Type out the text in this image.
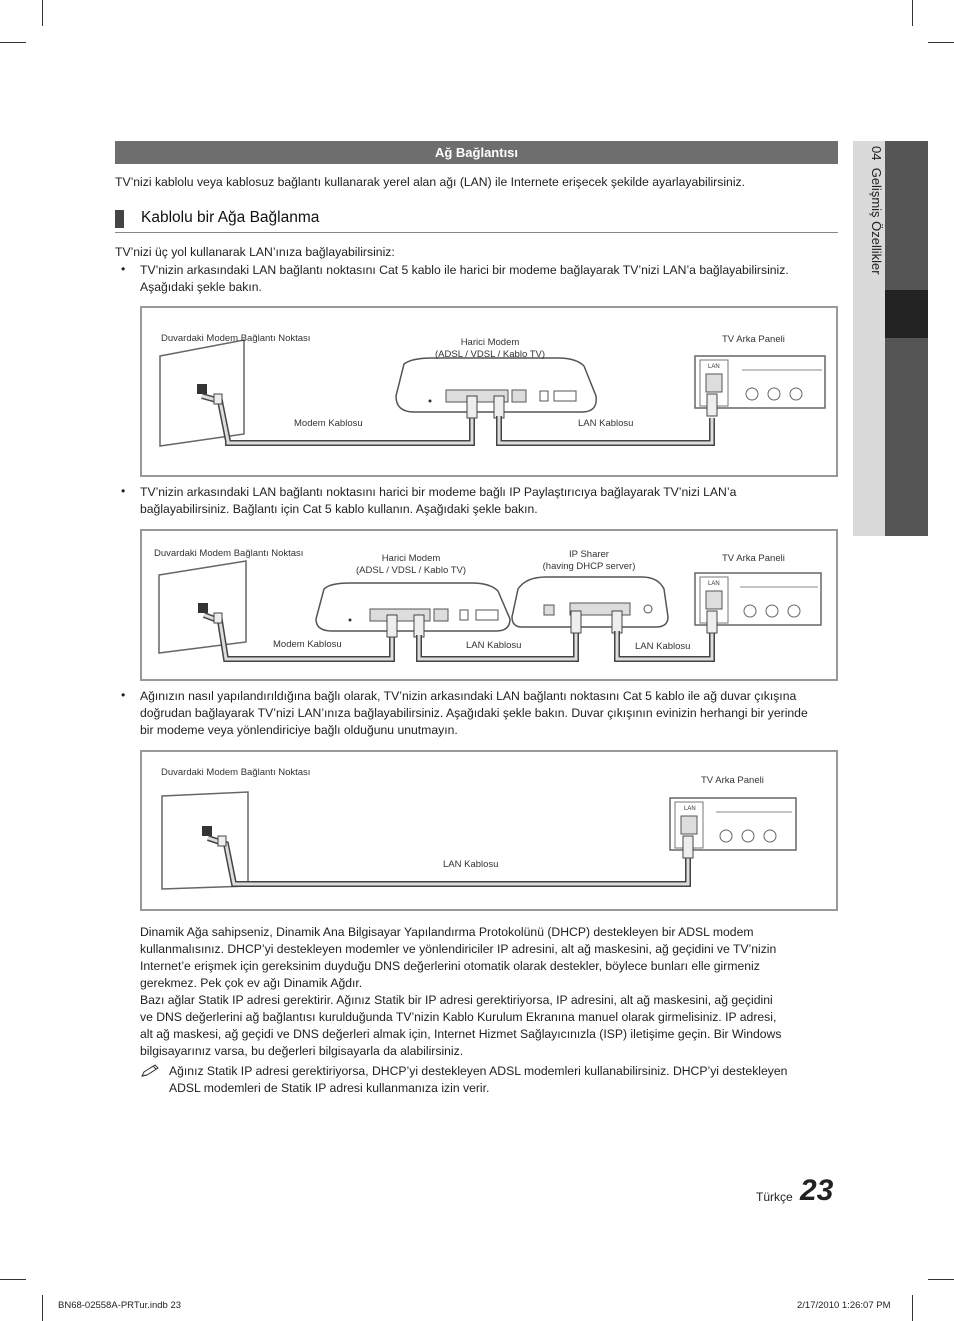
04  Gelişmiş Özellikler
Ağ Bağlantısı
TV’nizi kablolu veya kablosuz bağlantı kullanarak yerel alan ağı (LAN) ile Internete erişecek şekilde ayarlayabilirsiniz.
Kablolu bir Ağa Bağlanma
TV’nizi üç yol kullanarak LAN’ınıza bağlayabilirsiniz:
• TV’nizin arkasındaki LAN bağlantı noktasını Cat 5 kablo ile harici bir modeme bağlayarak TV’nizi LAN’a bağlayabilirsiniz.
Aşağıdaki şekle bakın.
Duvardaki Modem Bağlantı Noktası	Harici Modem
(ADSL / VDSL / Kablo TV)
TV Arka Paneli
LAN
Modem Kablosu	LAN Kablosu
• TV’nizin arkasındaki LAN bağlantı noktasını harici bir modeme bağlı IP Paylaştırıcıya bağlayarak TV’nizi LAN’a
bağlayabilirsiniz. Bağlantı için Cat 5 kablo kullanın. Aşağıdaki şekle bakın.
Duvardaki Modem Bağlantı Noktası	Harici Modem
(ADSL / VDSL / Kablo TV)
IP Sharer
(having DHCP server)
TV Arka Paneli
LAN
Modem Kablosu	LAN Kablosu	LAN Kablosu
• Ağınızın nasıl yapılandırıldığına bağlı olarak, TV’nizin arkasındaki LAN bağlantı noktasını Cat 5 kablo ile ağ duvar çıkışına
doğrudan bağlayarak TV’nizi LAN’ınıza bağlayabilirsiniz. Aşağıdaki şekle bakın. Duvar çıkışının evinizin herhangi bir yerinde
bir modeme veya yönlendiriciye bağlı olduğunu unutmayın.
Duvardaki Modem Bağlantı Noktası
TV Arka Paneli
LAN
LAN Kablosu
Dinamik Ağa sahipseniz, Dinamik Ana Bilgisayar Yapılandırma Protokolünü (DHCP) destekleyen bir ADSL modem
kullanmalısınız. DHCP’yi destekleyen modemler ve yönlendiriciler IP adresini, alt ağ maskesini, ağ geçidini ve TV’nizin
Internet’e erişmek için gereksinim duyduğu DNS değerlerini otomatik olarak destekler, böylece bunları elle girmeniz
gerekmez. Pek çok ev ağı Dinamik Ağdır.
Bazı ağlar Statik IP adresi gerektirir. Ağınız Statik bir IP adresi gerektiriyorsa, IP adresini, alt ağ maskesini, ağ geçidini
ve DNS değerlerini ağ bağlantısı kurulduğunda TV’nizin Kablo Kurulum Ekranına manuel olarak girmelisiniz. IP adresi,
alt ağ maskesi, ağ geçidi ve DNS değerleri almak için, Internet Hizmet Sağlayıcınızla (ISP) iletişime geçin. Bir Windows
bilgisayarınız varsa, bu değerleri bilgisayarla da alabilirsiniz.
Ağınız Statik IP adresi gerektiriyorsa, DHCP’yi destekleyen ADSL modemleri kullanabilirsiniz. DHCP’yi destekleyen
ADSL modemleri de Statik IP adresi kullanmanıza izin verir.
Türkçe 23
BN68-02558A-PRTur.indb 23	2/17/2010 1:26:07 PM
